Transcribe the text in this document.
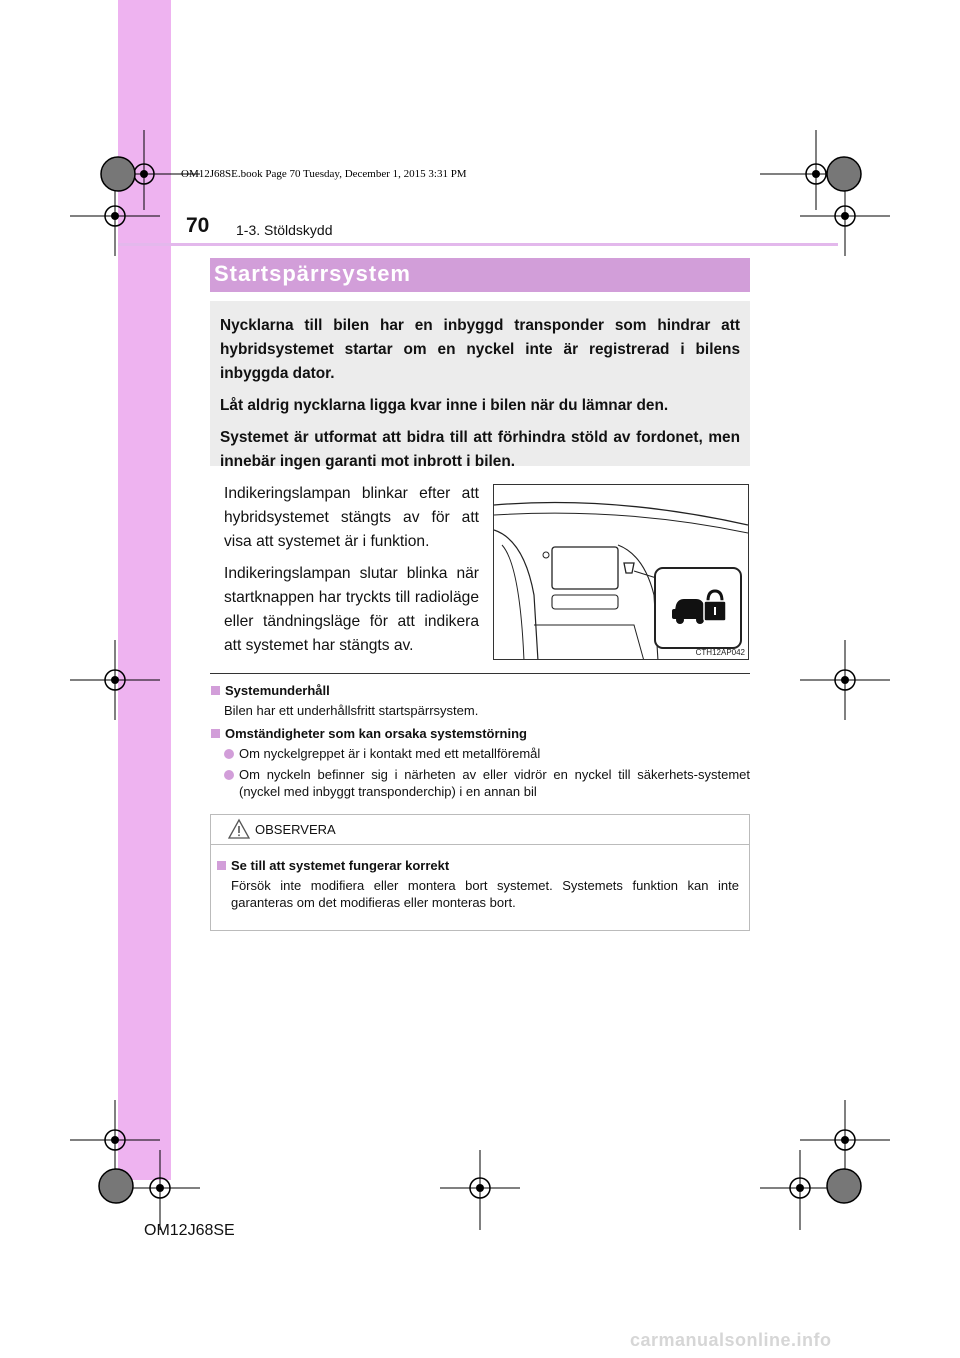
OM12J68SE.book Page 70 Tuesday, December 1, 2015 3:31 PM
70 1-3. Stöldskydd
Startspärrsystem

Nycklarna till bilen har en inbyggd transponder som hindrar att hybridsystemet startar om en nyckel inte är registrerad i bilens inbyggda dator.

Låt aldrig nycklarna ligga kvar inne i bilen när du lämnar den.

Systemet är utformat att bidra till att förhindra stöld av fordonet, men innebär ingen garanti mot inbrott i bilen.

Indikeringslampan blinkar efter att hybridsystemet stängts av för att visa att systemet är i funktion.

Indikeringslampan slutar blinka när startknappen har tryckts till radioläge eller tändningsläge för att indikera att systemet har stängts av.	CTH12AP042

Systemunderhåll

Bilen har ett underhållsfritt startspärrsystem.

Omständigheter som kan orsaka systemstörning

Om nyckelgreppet är i kontakt med ett metallföremål

Om nyckeln befinner sig i närheten av eller vidrör en nyckel till säkerhets-systemet (nyckel med inbyggt transponderchip) i en annan bil

OBSERVERA

Se till att systemet fungerar korrekt

Försök inte modifiera eller montera bort systemet. Systemets funktion kan inte garanteras om det modifieras eller monteras bort.

OM12J68SE
carmanualsonline.info
